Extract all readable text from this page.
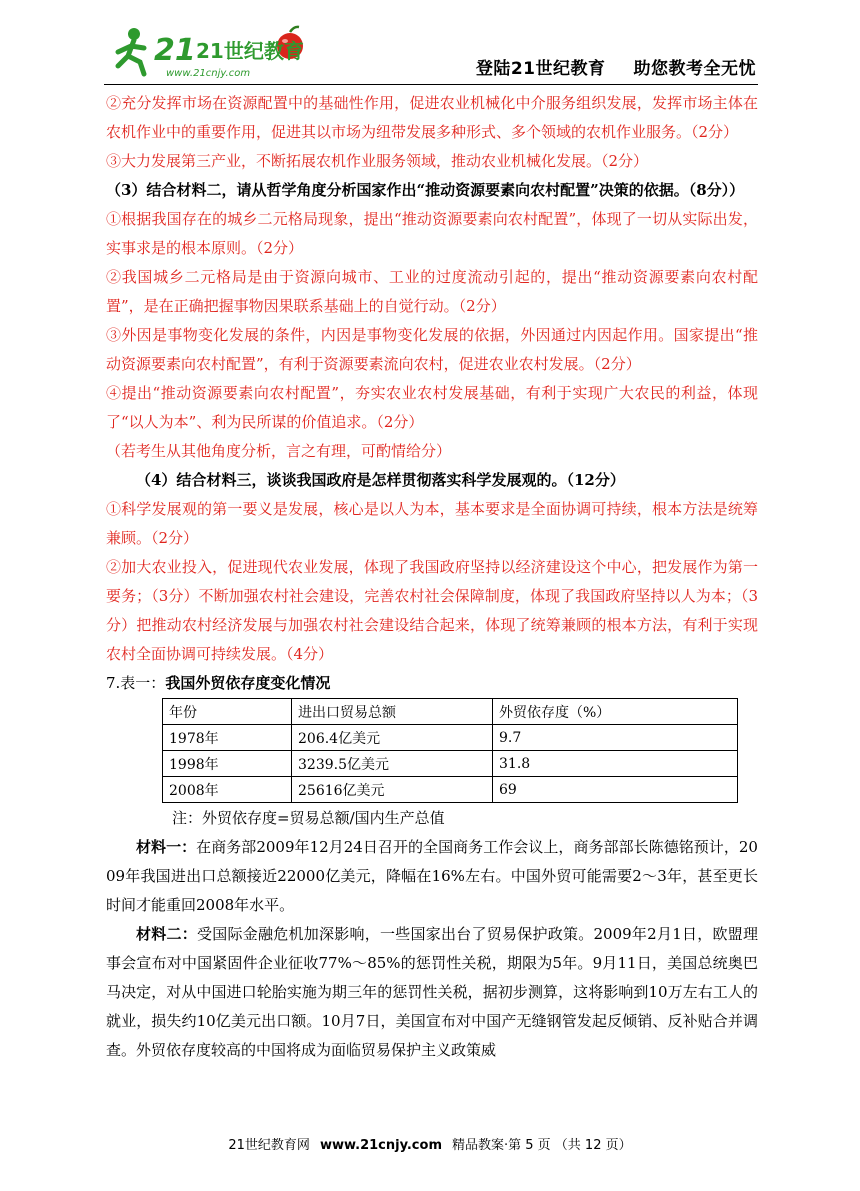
21 21世纪教育
www.21cnjy.com	登陆21世纪教育 助您教考全无忧

②充分发挥市场在资源配置中的基础性作用，促进农业机械化中介服务组织发展，发挥市场主体在农机作业中的重要作用，促进其以市场为纽带发展多种形式、多个领域的农机作业服务。（2分）

③大力发展第三产业，不断拓展农机作业服务领域，推动农业机械化发展。（2分）

（3）结合材料二，请从哲学角度分析国家作出“推动资源要素向农村配置”决策的依据。（8分））

①根据我国存在的城乡二元格局现象，提出“推动资源要素向农村配置”，体现了一切从实际出发，实事求是的根本原则。（2分）

②我国城乡二元格局是由于资源向城市、工业的过度流动引起的，提出“推动资源要素向农村配置”，是在正确把握事物因果联系基础上的自觉行动。（2分）

③外因是事物变化发展的条件，内因是事物变化发展的依据，外因通过内因起作用。国家提出“推动资源要素向农村配置”，有利于资源要素流向农村，促进农业农村发展。（2分）

④提出“推动资源要素向农村配置”，夯实农业农村发展基础，有利于实现广大农民的利益，体现了“以人为本”、利为民所谋的价值追求。（2分）

（若考生从其他角度分析，言之有理，可酌情给分）

（4）结合材料三，谈谈我国政府是怎样贯彻落实科学发展观的。（12分）

①科学发展观的第一要义是发展，核心是以人为本，基本要求是全面协调可持续，根本方法是统筹兼顾。（2分）

②加大农业投入，促进现代农业发展，体现了我国政府坚持以经济建设这个中心，把发展作为第一要务；（3分）不断加强农村社会建设，完善农村社会保障制度，体现了我国政府坚持以人为本；（3分）把推动农村经济发展与加强农村社会建设结合起来，体现了统筹兼顾的根本方法，有利于实现农村全面协调可持续发展。（4分）

7.表一：我国外贸依存度变化情况

年份	进出口贸易总额	外贸依存度（%）
1978年	206.4亿美元	9.7
1998年	3239.5亿美元	31.8
2008年	25616亿美元	69

注：外贸依存度=贸易总额/国内生产总值

材料一：在商务部2009年12月24日召开的全国商务工作会议上，商务部部长陈德铭预计，2009年我国进出口总额接近22000亿美元，降幅在16%左右。中国外贸可能需要2～3年，甚至更长时间才能重回2008年水平。

材料二：受国际金融危机加深影响，一些国家出台了贸易保护政策。2009年2月1日，欧盟理事会宣布对中国紧固件企业征收77%～85%的惩罚性关税，期限为5年。9月11日，美国总统奥巴马决定，对从中国进口轮胎实施为期三年的惩罚性关税，据初步测算，这将影响到10万左右工人的就业，损失约10亿美元出口额。10月7日，美国宣布对中国产无缝钢管发起反倾销、反补贴合并调查。外贸依存度较高的中国将成为面临贸易保护主义政策威

21世纪教育网 www.21cnjy.com 精品教案·第 5 页 （共 12 页）
